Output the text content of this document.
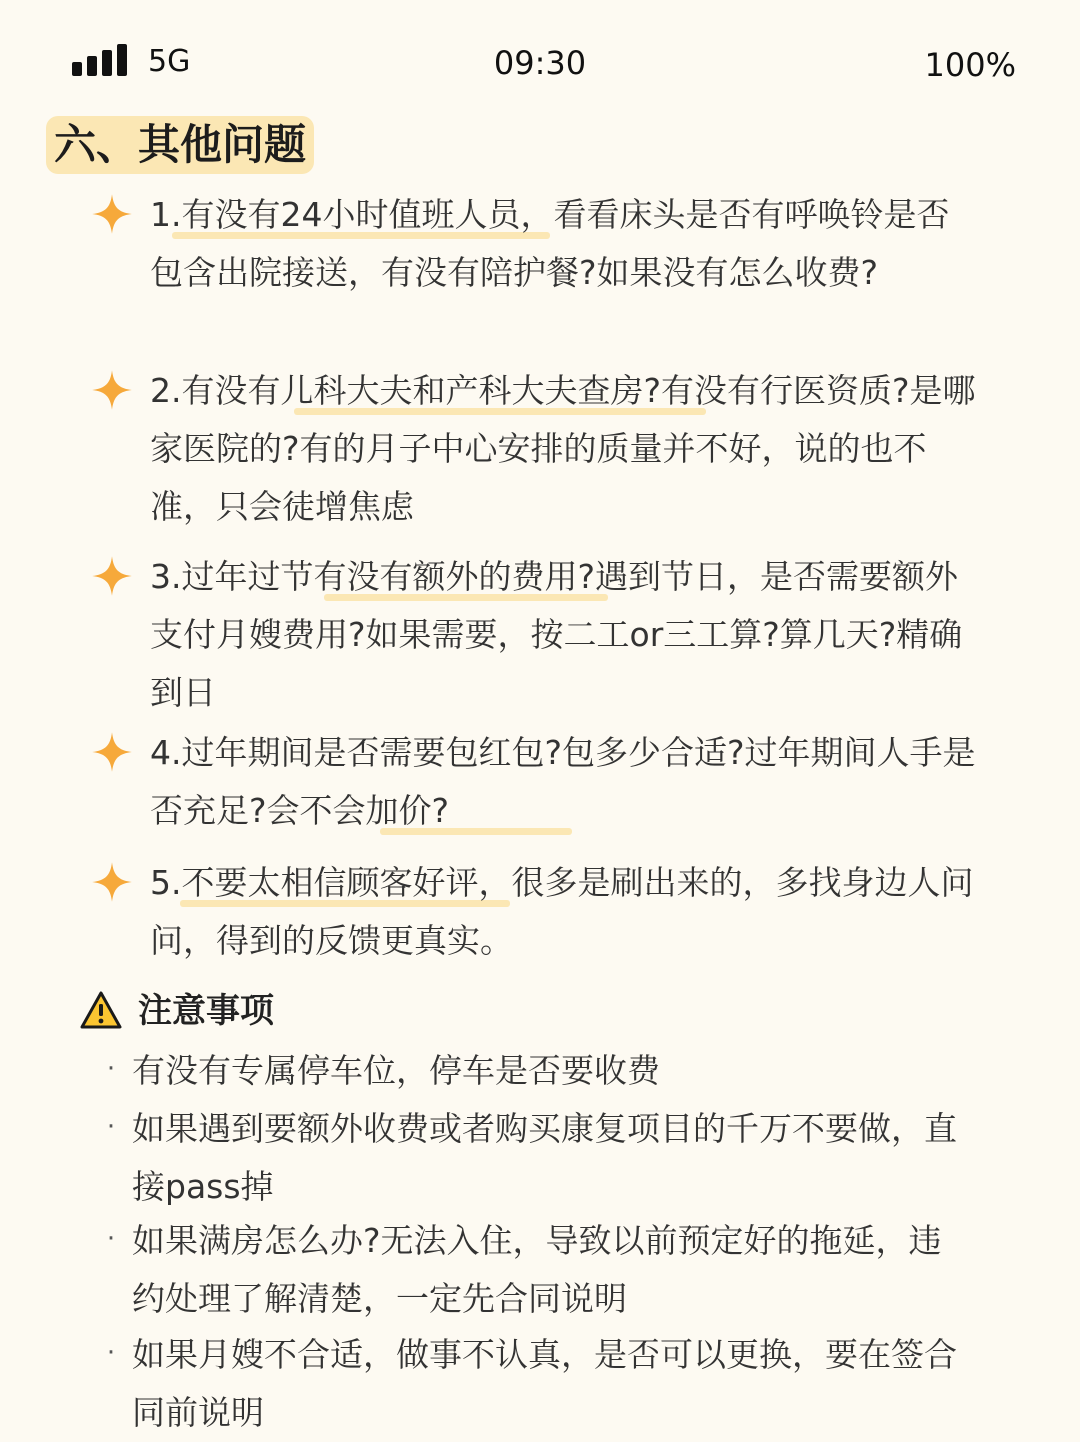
5G	09:30	100%
六、其他问题

1.有没有24小时值班人员，看看床头是否有呼唤铃是否包含出院接送，有没有陪护餐?如果没有怎么收费?

2.有没有儿科大夫和产科大夫查房?有没有行医资质?是哪家医院的?有的月子中心安排的质量并不好，说的也不准，只会徒增焦虑

3.过年过节有没有额外的费用?遇到节日，是否需要额外支付月嫂费用?如果需要，按二工or三工算?算几天?精确到日

4.过年期间是否需要包红包?包多少合适?过年期间人手是否充足?会不会加价?

5.不要太相信顾客好评，很多是刷出来的，多找身边人问问，得到的反馈更真实。

注意事项
· 有没有专属停车位，停车是否要收费

· 如果遇到要额外收费或者购买康复项目的千万不要做，直接pass掉

· 如果满房怎么办?无法入住，导致以前预定好的拖延，违约处理了解清楚，一定先合同说明

· 如果月嫂不合适，做事不认真，是否可以更换，要在签合同前说明
